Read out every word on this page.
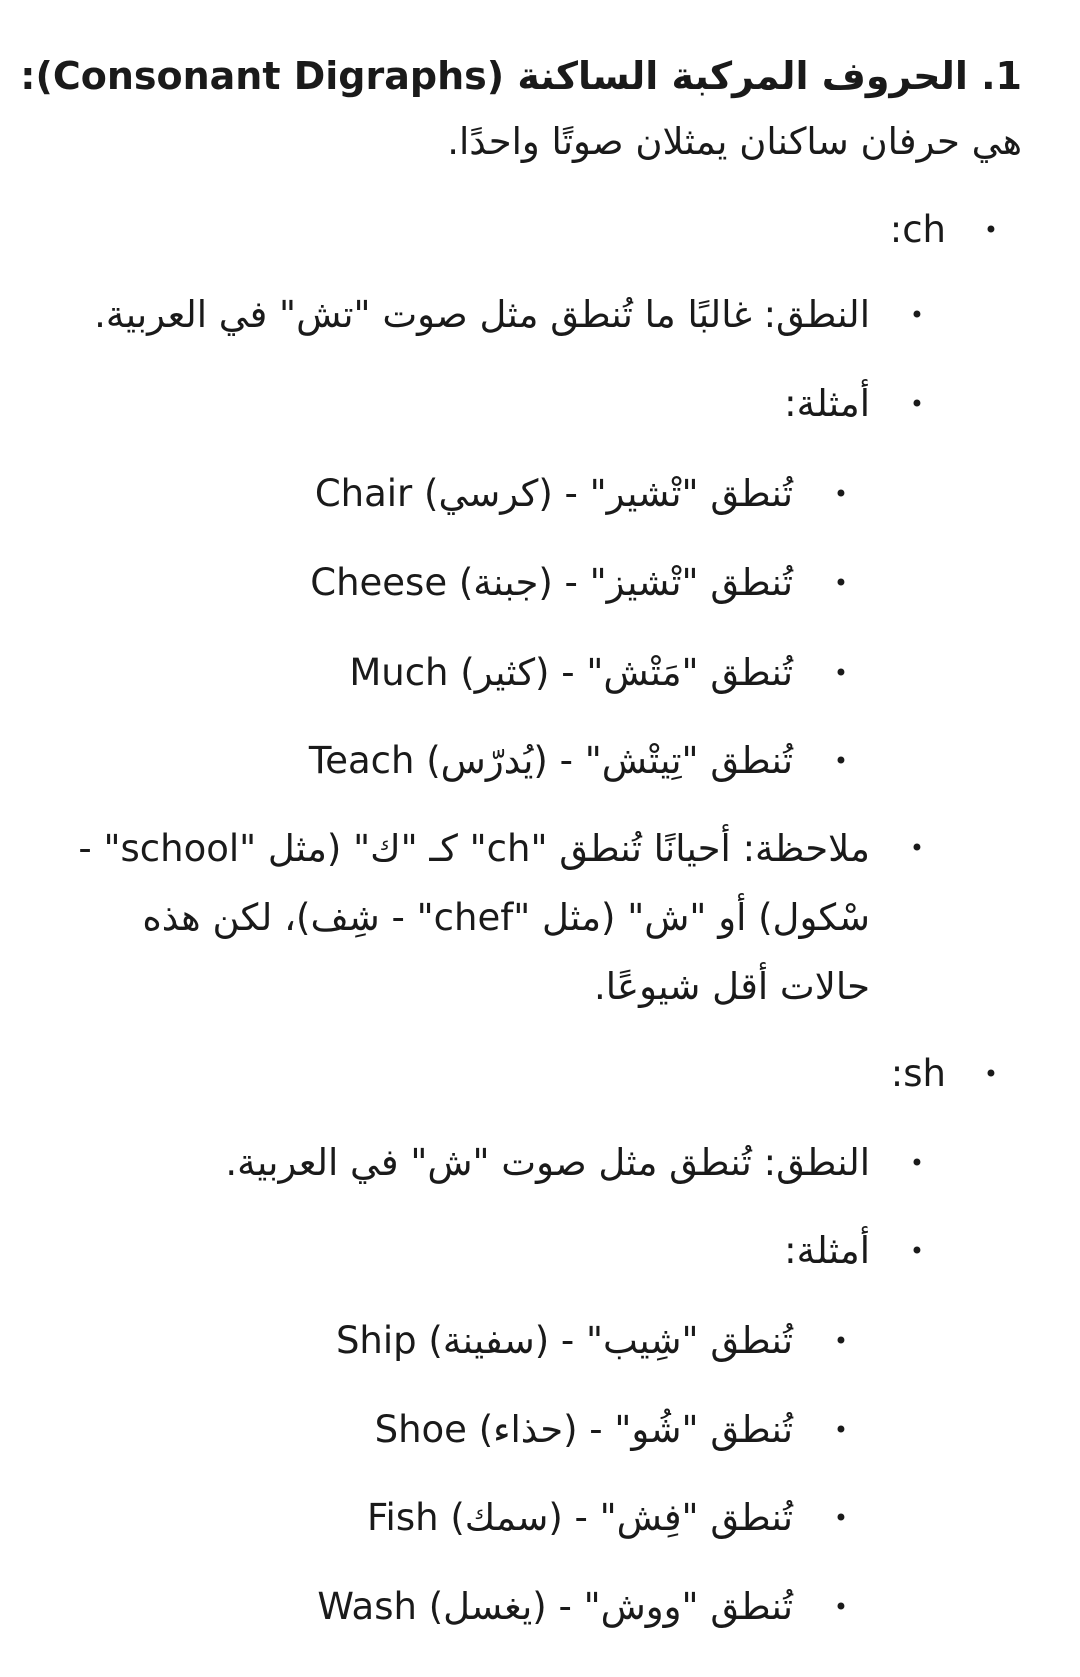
1. الحروف المركبة الساكنة (Consonant Digraphs):
هي حرفان ساكنان يمثلان صوتًا واحدًا.
•
ch:
•
النطق: غالبًا ما تُنطق مثل صوت "تش" في العربية.
•
أمثلة:
•
تُنطق "تْشير" - (كرسي) Chair
•
تُنطق "تْشيز" - (جبنة) Cheese
•
تُنطق "مَتْش" - (كثير) Much
•
تُنطق "تِيتْش" - (يُدرّس) Teach
•
ملاحظة: أحيانًا تُنطق "ch" كـ "ك" (مثل "school" - سْكول) أو "ش" (مثل "chef" - شِف)، لكن هذه حالات أقل شيوعًا.
•
sh:
•
النطق: تُنطق مثل صوت "ش" في العربية.
•
أمثلة:
•
تُنطق "شِيب" - (سفينة) Ship
•
تُنطق "شُو" - (حذاء) Shoe
•
تُنطق "فِش" - (سمك) Fish
•
تُنطق "ووش" - (يغسل) Wash
